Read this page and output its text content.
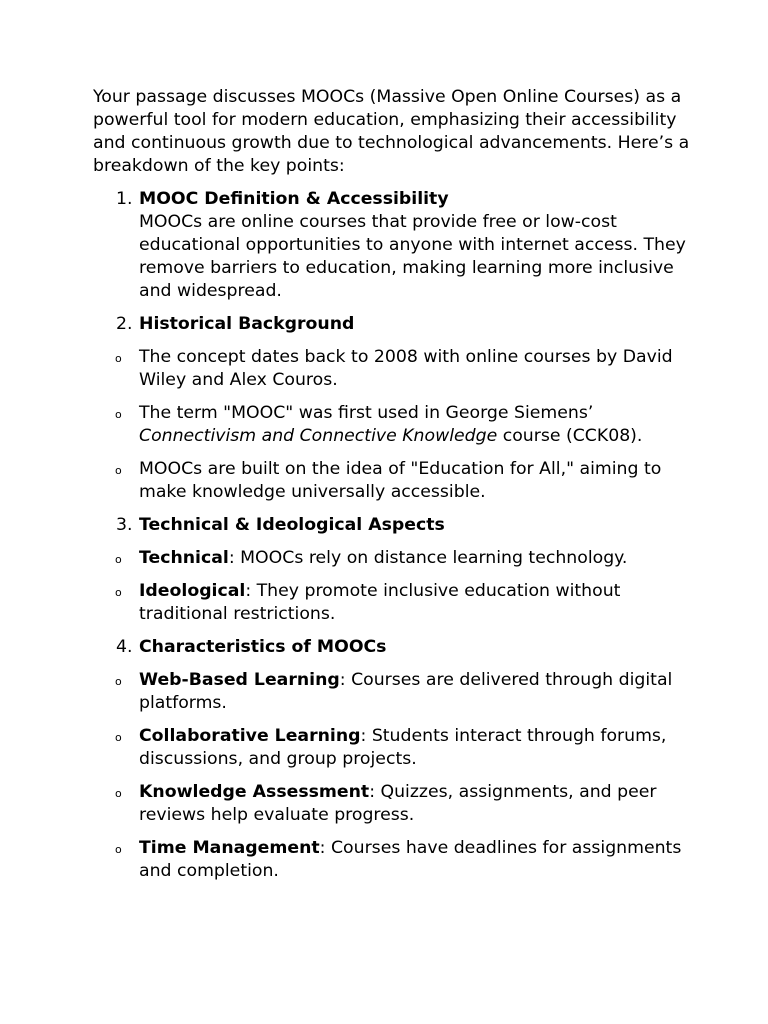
Your passage discusses MOOCs (Massive Open Online Courses) as a powerful tool for modern education, emphasizing their accessibility and continuous growth due to technological advancements. Here’s a breakdown of the key points:

1. MOOC Definition & Accessibility
MOOCs are online courses that provide free or low-cost educational opportunities to anyone with internet access. They remove barriers to education, making learning more inclusive and widespread.
2. Historical Background
o The concept dates back to 2008 with online courses by David Wiley and Alex Couros.
o The term "MOOC" was first used in George Siemens’ Connectivism and Connective Knowledge course (CCK08).
o MOOCs are built on the idea of "Education for All," aiming to make knowledge universally accessible.
3. Technical & Ideological Aspects
o Technical: MOOCs rely on distance learning technology.
o Ideological: They promote inclusive education without traditional restrictions.
4. Characteristics of MOOCs
o Web-Based Learning: Courses are delivered through digital platforms.
o Collaborative Learning: Students interact through forums, discussions, and group projects.
o Knowledge Assessment: Quizzes, assignments, and peer reviews help evaluate progress.
o Time Management: Courses have deadlines for assignments and completion.
